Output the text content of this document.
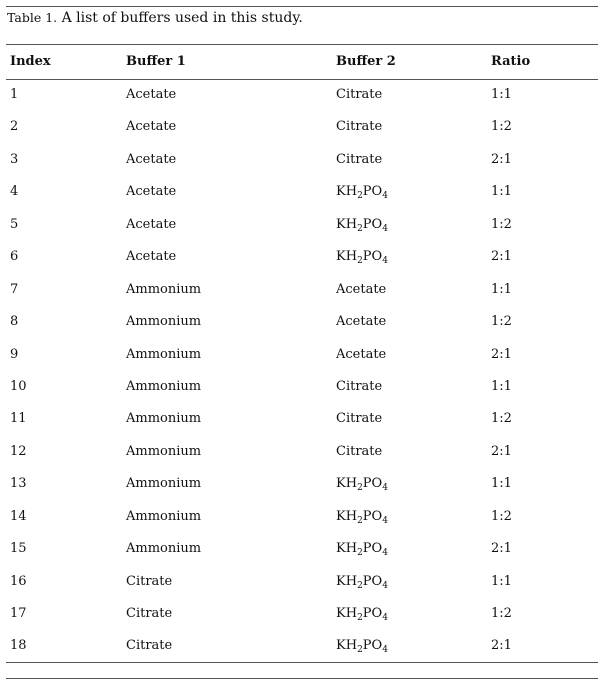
Table 1. A list of buffers used in this study.
Index	Buffer 1	Buffer 2	Ratio
1	Acetate	Citrate	1:1
2	Acetate	Citrate	1:2
3	Acetate	Citrate	2:1
4	Acetate	$KH_2PO_4$	1:1
5	Acetate	$KH_2PO_4$	1:2
6	Acetate	$KH_2PO_4$	2:1
7	Ammonium	Acetate	1:1
8	Ammonium	Acetate	1:2
9	Ammonium	Acetate	2:1
10	Ammonium	Citrate	1:1
11	Ammonium	Citrate	1:2
12	Ammonium	Citrate	2:1
13	Ammonium	$KH_2PO_4$	1:1
14	Ammonium	$KH_2PO_4$	1:2
15	Ammonium	$KH_2PO_4$	2:1
16	Citrate	$KH_2PO_4$	1:1
17	Citrate	$KH_2PO_4$	1:2
18	Citrate	$KH_2PO_4$	2:1
